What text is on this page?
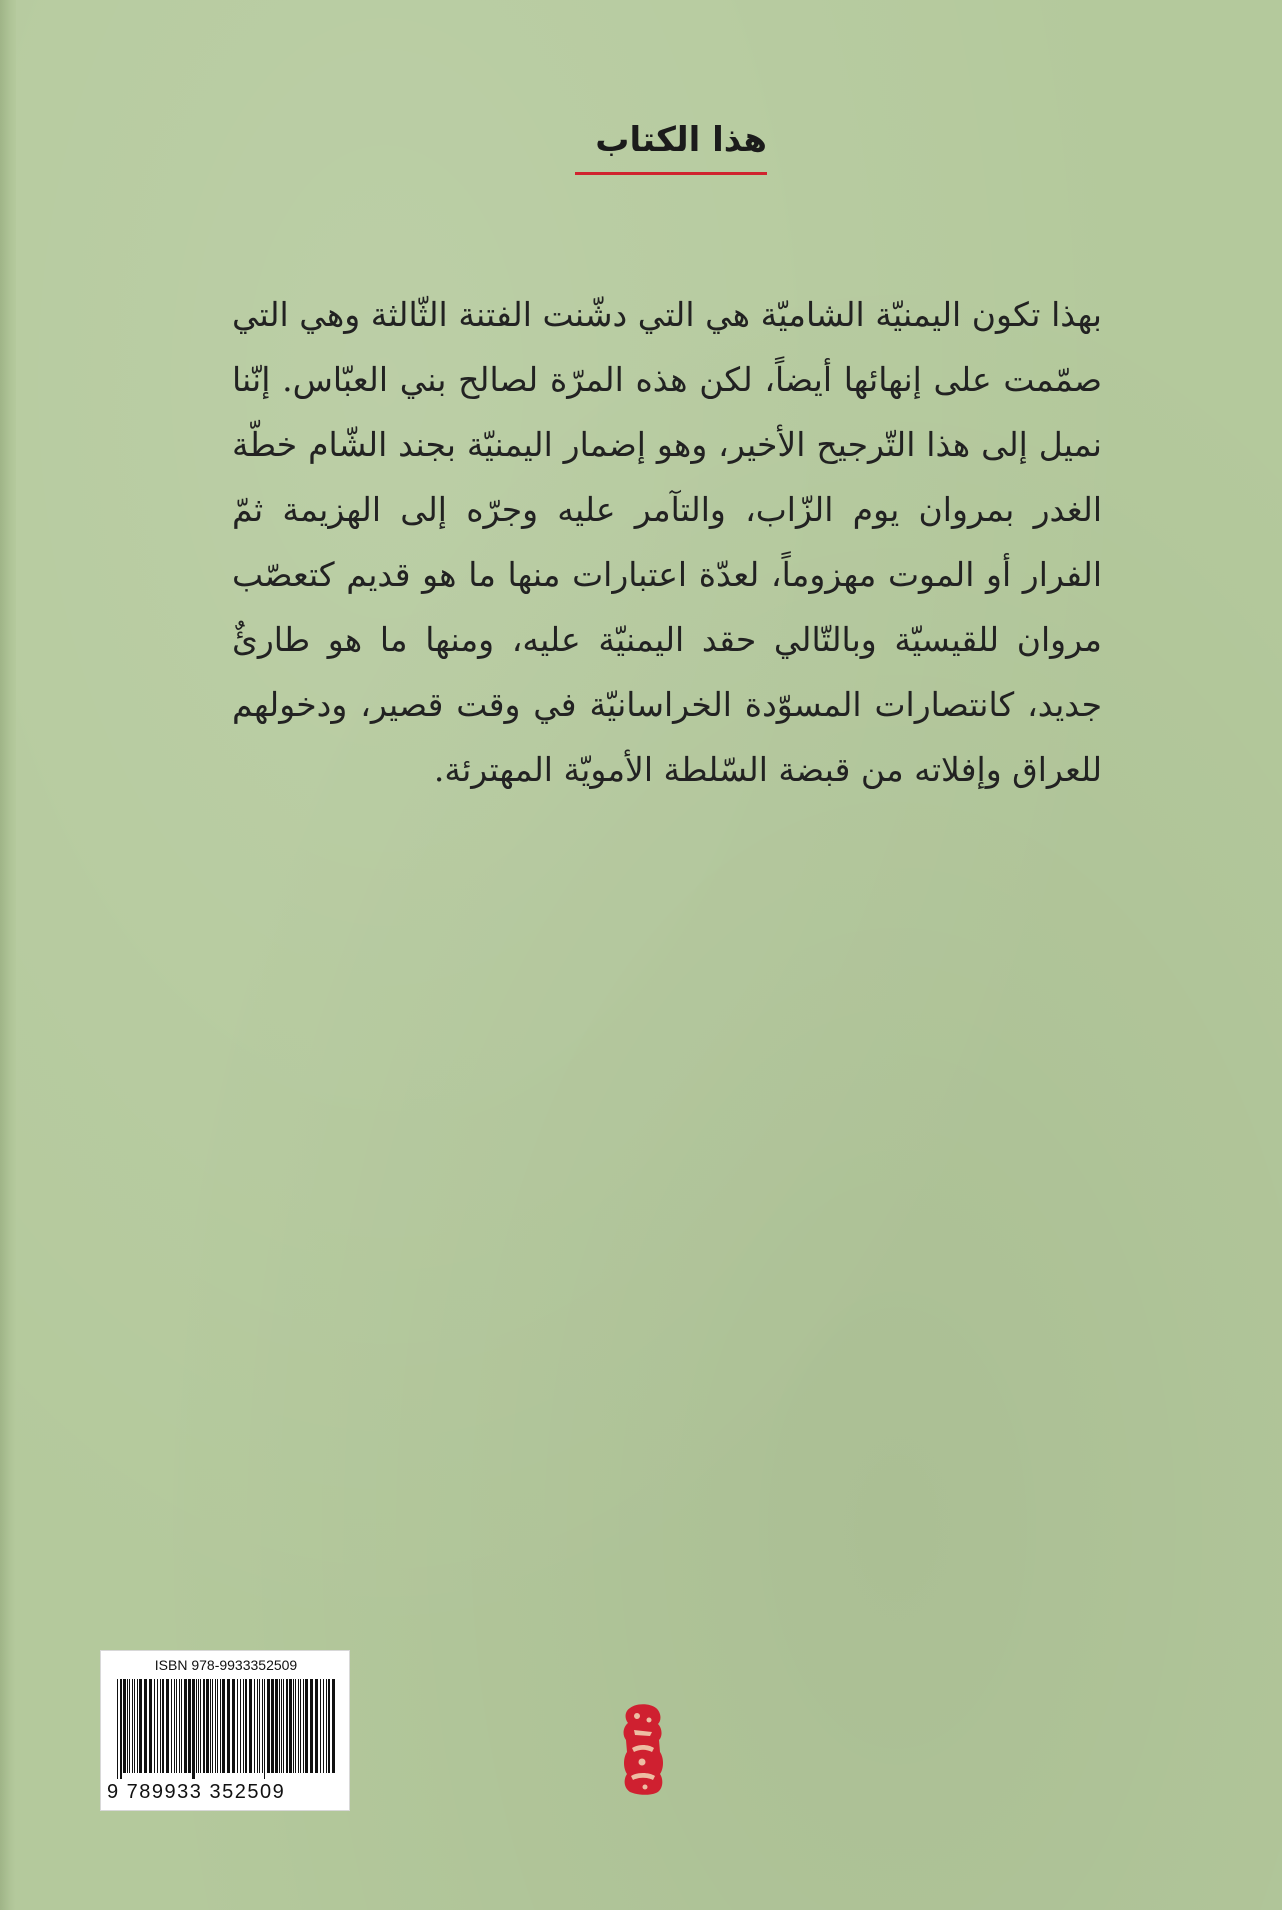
هذا الكتاب

بهذا تكون اليمنيّة الشاميّة هي التي دشّنت الفتنة الثّالثة وهي التي صمّمت على إنهائها أيضاً، لكن هذه المرّة لصالح بني العبّاس. إنّنا نميل إلى هذا التّرجيح الأخير، وهو إضمار اليمنيّة بجند الشّام خطّة الغدر بمروان يوم الزّاب، والتآمر عليه وجرّه إلى الهزيمة ثمّ الفرار أو الموت مهزوماً، لعدّة اعتبارات منها ما هو قديم كتعصّب مروان للقيسيّة وبالتّالي حقد اليمنيّة عليه، ومنها ما هو طارئٌ جديد، كانتصارات المسوّدة الخراسانيّة في وقت قصير، ودخولهم للعراق وإفلاته من قبضة السّلطة الأمويّة المهترئة.

ISBN 978-9933352509
9 789933 352509
